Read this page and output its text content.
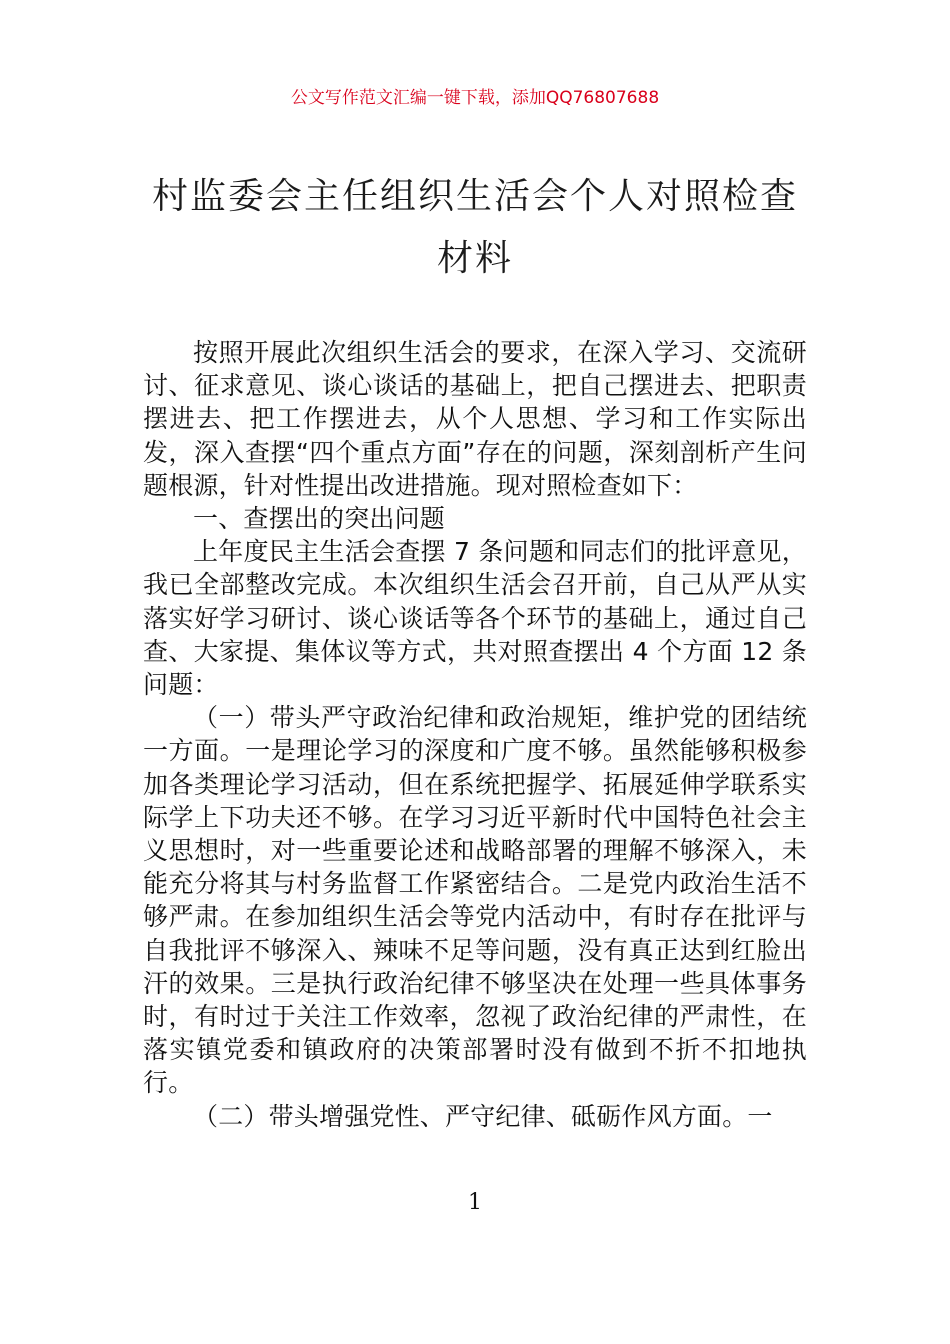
公文写作范文汇编一键下载，添加QQ76807688
村监委会主任组织生活会个人对照检查材料

按照开展此次组织生活会的要求，在深入学习、交流研讨、征求意见、谈心谈话的基础上，把自己摆进去、把职责摆进去、把工作摆进去，从个人思想、学习和工作实际出发，深入查摆“四个重点方面”存在的问题，深刻剖析产生问题根源，针对性提出改进措施。现对照检查如下：

一、查摆出的突出问题

上年度民主生活会查摆 7 条问题和同志们的批评意见，我已全部整改完成。本次组织生活会召开前，自己从严从实落实好学习研讨、谈心谈话等各个环节的基础上，通过自己查、大家提、集体议等方式，共对照查摆出 4 个方面 12 条问题：

（一）带头严守政治纪律和政治规矩，维护党的团结统一方面。一是理论学习的深度和广度不够。虽然能够积极参加各类理论学习活动，但在系统把握学、拓展延伸学联系实际学上下功夫还不够。在学习习近平新时代中国特色社会主义思想时，对一些重要论述和战略部署的理解不够深入，未能充分将其与村务监督工作紧密结合。二是党内政治生活不够严肃。在参加组织生活会等党内活动中，有时存在批评与自我批评不够深入、辣味不足等问题，没有真正达到红脸出汗的效果。三是执行政治纪律不够坚决在处理一些具体事务时，有时过于关注工作效率，忽视了政治纪律的严肃性，在落实镇党委和镇政府的决策部署时没有做到不折不扣地执行。

（二）带头增强党性、严守纪律、砥砺作风方面。一

1
